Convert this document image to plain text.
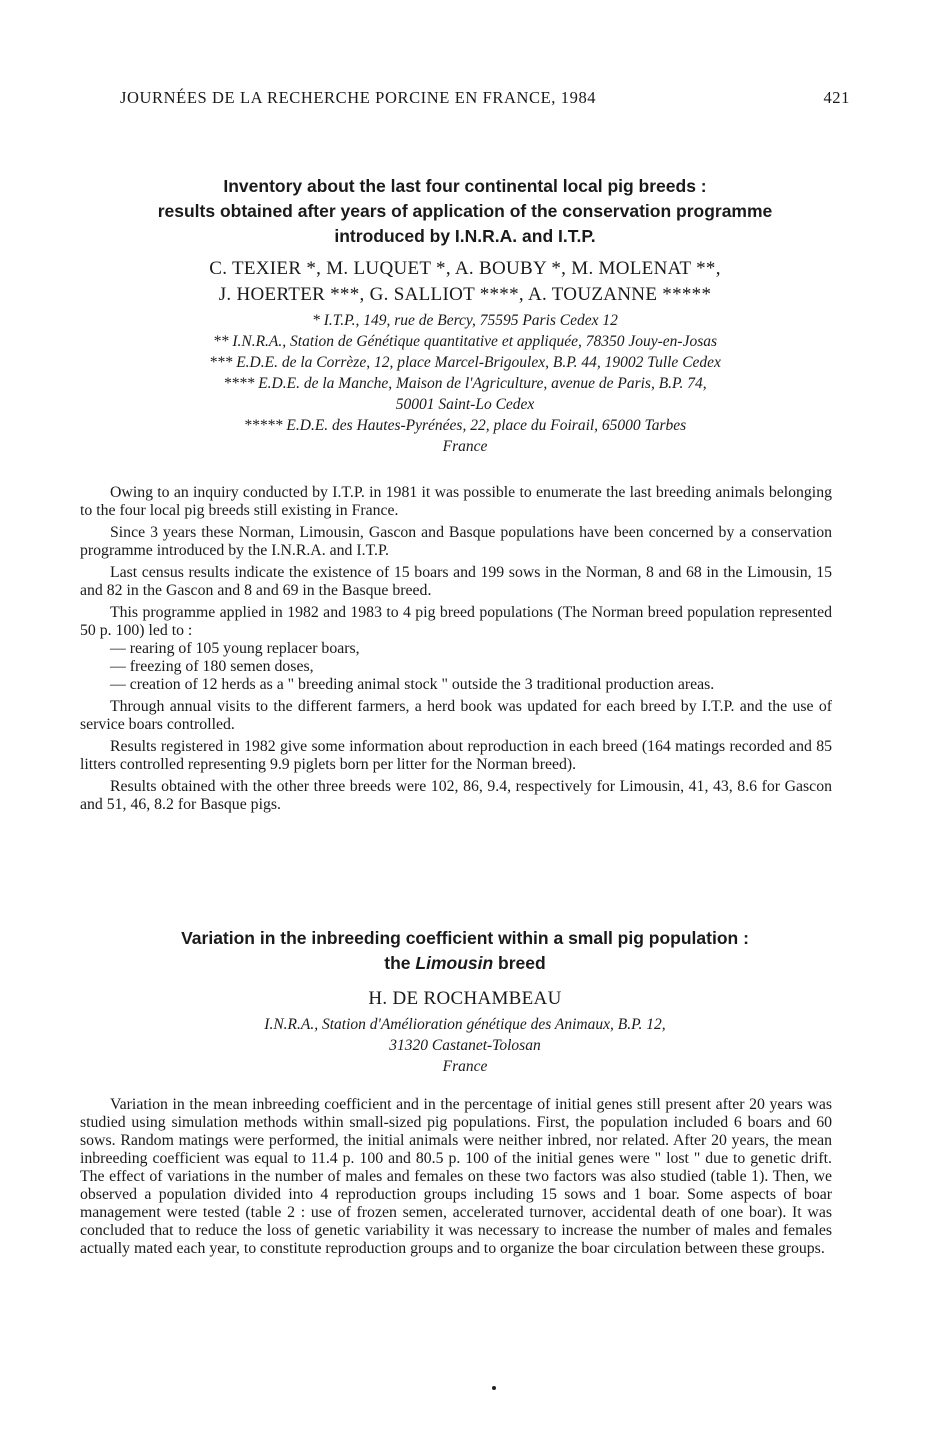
JOURNÉES DE LA RECHERCHE PORCINE EN FRANCE, 1984	421
Inventory about the last four continental local pig breeds :
results obtained after years of application of the conservation programme
introduced by I.N.R.A. and I.T.P.
C. TEXIER *, M. LUQUET *, A. BOUBY *, M. MOLENAT **,
J. HOERTER ***, G. SALLIOT ****, A. TOUZANNE *****
* I.T.P., 149, rue de Bercy, 75595 Paris Cedex 12
** I.N.R.A., Station de Génétique quantitative et appliquée, 78350 Jouy-en-Josas
*** E.D.E. de la Corrèze, 12, place Marcel-Brigoulex, B.P. 44, 19002 Tulle Cedex
**** E.D.E. de la Manche, Maison de l'Agriculture, avenue de Paris, B.P. 74,
50001 Saint-Lo Cedex
***** E.D.E. des Hautes-Pyrénées, 22, place du Foirail, 65000 Tarbes
France

Owing to an inquiry conducted by I.T.P. in 1981 it was possible to enumerate the last breeding animals belonging to the four local pig breeds still existing in France.

Since 3 years these Norman, Limousin, Gascon and Basque populations have been concerned by a conservation programme introduced by the I.N.R.A. and I.T.P.

Last census results indicate the existence of 15 boars and 199 sows in the Norman, 8 and 68 in the Limousin, 15 and 82 in the Gascon and 8 and 69 in the Basque breed.

This programme applied in 1982 and 1983 to 4 pig breed populations (The Norman breed population represented 50 p. 100) led to :

— rearing of 105 young replacer boars,

— freezing of 180 semen doses,

— creation of 12 herds as a " breeding animal stock " outside the 3 traditional production areas.

Through annual visits to the different farmers, a herd book was updated for each breed by I.T.P. and the use of service boars controlled.

Results registered in 1982 give some information about reproduction in each breed (164 matings recorded and 85 litters controlled representing 9.9 piglets born per litter for the Norman breed).

Results obtained with the other three breeds were 102, 86, 9.4, respectively for Limousin, 41, 43, 8.6 for Gascon and 51, 46, 8.2 for Basque pigs.

Variation in the inbreeding coefficient within a small pig population :
the Limousin breed
H. DE ROCHAMBEAU
I.N.R.A., Station d'Amélioration génétique des Animaux, B.P. 12,
31320 Castanet-Tolosan
France

Variation in the mean inbreeding coefficient and in the percentage of initial genes still present after 20 years was studied using simulation methods within small-sized pig populations. First, the population included 6 boars and 60 sows. Random matings were performed, the initial animals were neither inbred, nor related. After 20 years, the mean inbreeding coefficient was equal to 11.4 p. 100 and 80.5 p. 100 of the initial genes were " lost " due to genetic drift. The effect of variations in the number of males and females on these two factors was also studied (table 1). Then, we observed a population divided into 4 reproduction groups including 15 sows and 1 boar. Some aspects of boar management were tested (table 2 : use of frozen semen, accelerated turnover, accidental death of one boar). It was concluded that to reduce the loss of genetic variability it was necessary to increase the number of males and females actually mated each year, to constitute reproduction groups and to organize the boar circulation between these groups.
